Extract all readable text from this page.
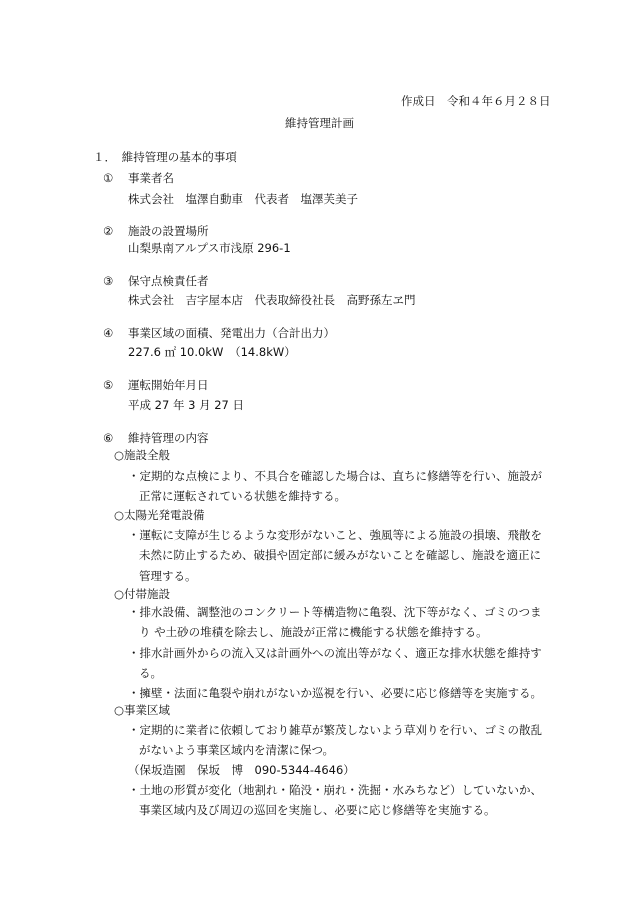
作成日　令和４年６月２８日
維持管理計画
１．　維持管理の基本的事項
① 事業者名
株式会社　塩澤自動車　代表者　塩澤芙美子
② 施設の設置場所
山梨県南アルプス市浅原 296-1
③ 保守点検責任者
株式会社　吉字屋本店　代表取締役社長　高野孫左ヱ門
④ 事業区域の面積、発電出力（合計出力）
227.6 ㎡ 10.0kW　（14.8kW）
⑤ 運転開始年月日
平成 27 年 3 月 27 日
⑥ 維持管理の内容
○施設全般
・定期的な点検により、不具合を確認した場合は、直ちに修繕等を行い、施設が
正常に運転されている状態を維持する。
○太陽光発電設備
・運転に支障が生じるような変形がないこと、強風等による施設の損壊、飛散を
未然に防止するため、破損や固定部に緩みがないことを確認し、施設を適正に
管理する。
○付帯施設
・排水設備、調整池のコンクリート等構造物に亀裂、沈下等がなく、ゴミのつま
り や土砂の堆積を除去し、施設が正常に機能する状態を維持する。
・排水計画外からの流入又は計画外への流出等がなく、適正な排水状態を維持す
る。
・擁壁・法面に亀裂や崩れがないか巡視を行い、必要に応じ修繕等を実施する。
○事業区域
・定期的に業者に依頼しており雑草が繁茂しないよう草刈りを行い、ゴミの散乱
がないよう事業区域内を清潔に保つ。
（保坂造園　保坂　博　090-5344-4646）
・土地の形質が変化（地割れ・陥没・崩れ・洗掘・水みちなど）していないか、
事業区域内及び周辺の巡回を実施し、必要に応じ修繕等を実施する。
